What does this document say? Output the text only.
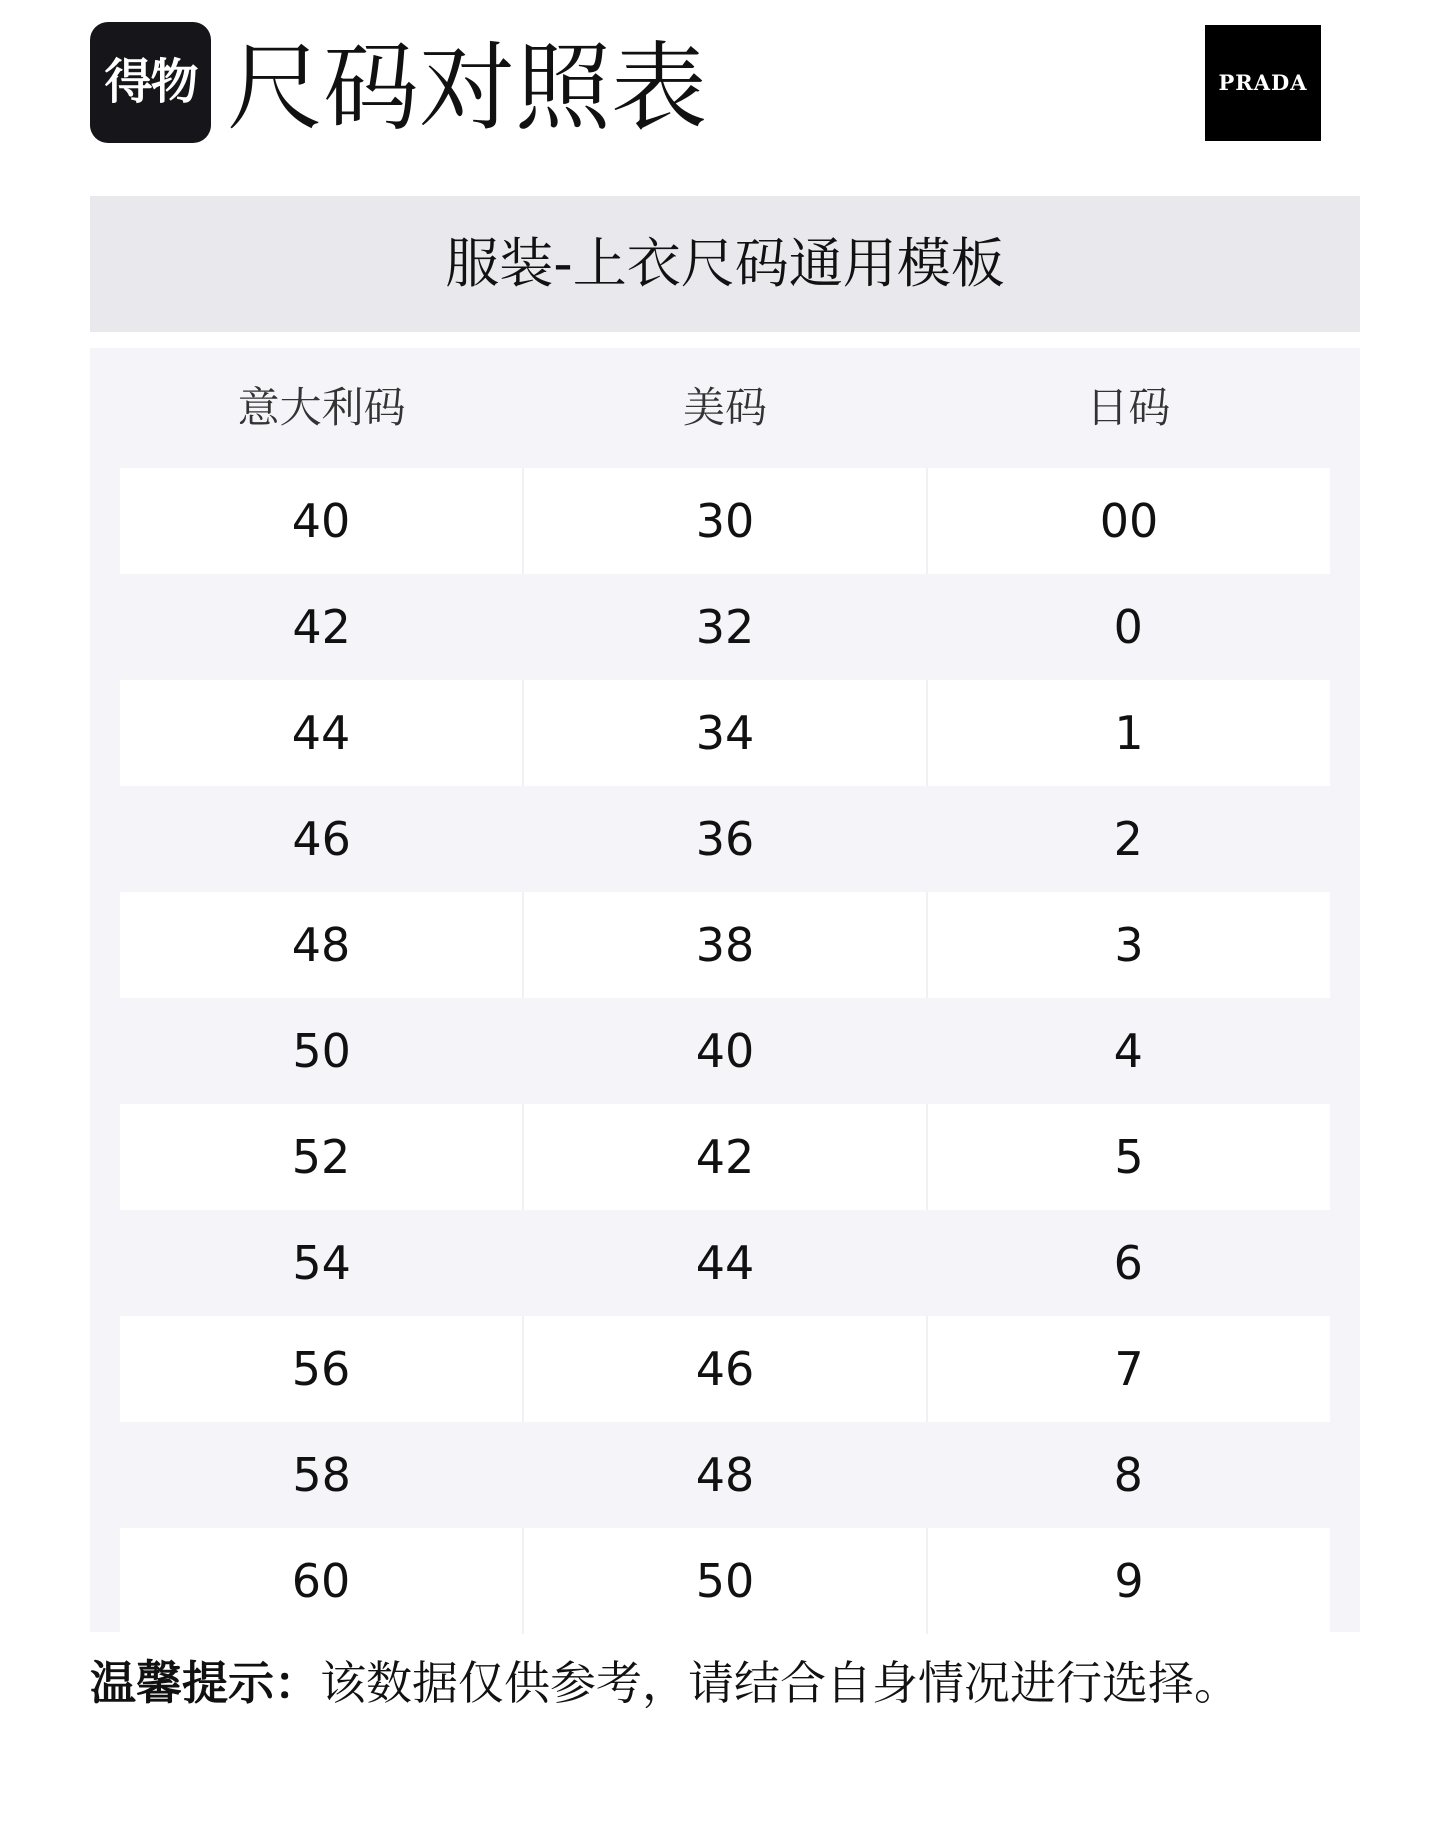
得物 尺码对照表	PRADA
服装-上衣尺码通用模板
意大利码	美码	日码
40	30	00
42	32	0
44	34	1
46	36	2
48	38	3
50	40	4
52	42	5
54	44	6
56	46	7
58	48	8
60	50	9
温馨提示：该数据仅供参考，请结合自身情况进行选择。
